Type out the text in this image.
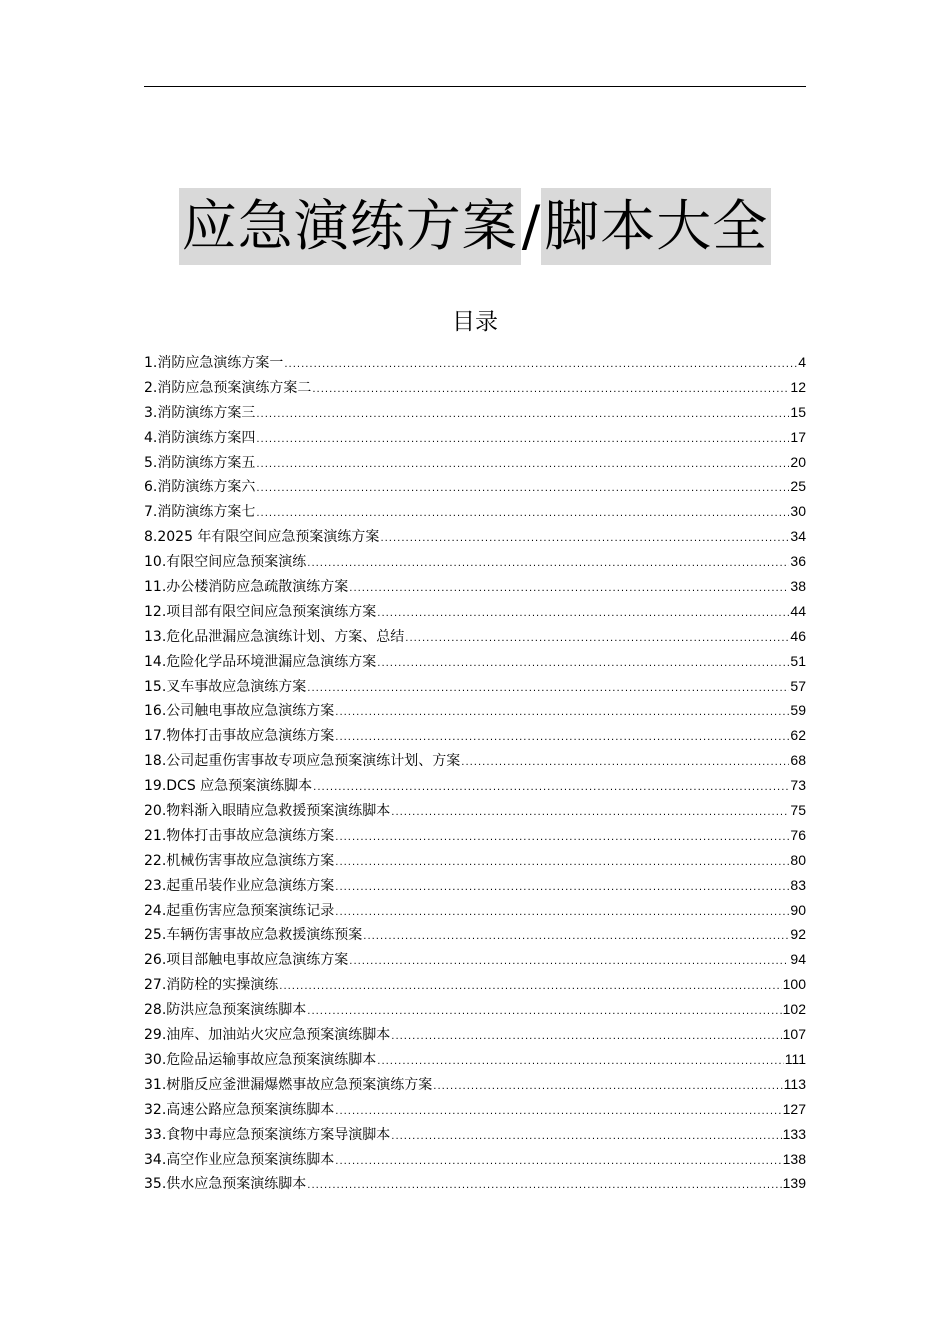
应急演练方案/脚本大全
目录
1.消防应急演练方案一 .....	4
2.消防应急预案演练方案二 .....	12
3.消防演练方案三 .....	15
4.消防演练方案四 .....	17
5.消防演练方案五 .....	20
6.消防演练方案六 .....	25
7.消防演练方案七 .....	30
8.2025 年有限空间应急预案演练方案 .....	34
10.有限空间应急预案演练 .....	36
11.办公楼消防应急疏散演练方案 .....	38
12.项目部有限空间应急预案演练方案 .....	44
13.危化品泄漏应急演练计划、方案、总结 .....	46
14.危险化学品环境泄漏应急演练方案 .....	51
15.叉车事故应急演练方案 .....	57
16.公司触电事故应急演练方案 .....	59
17.物体打击事故应急演练方案 .....	62
18.公司起重伤害事故专项应急预案演练计划、方案 .....	68
19.DCS 应急预案演练脚本 .....	73
20.物料渐入眼睛应急救援预案演练脚本 .....	75
21.物体打击事故应急演练方案 .....	76
22.机械伤害事故应急演练方案 .....	80
23.起重吊装作业应急演练方案 .....	83
24.起重伤害应急预案演练记录 .....	90
25.车辆伤害事故应急救援演练预案 .....	92
26.项目部触电事故应急演练方案 .....	94
27.消防栓的实操演练 .....	100
28.防洪应急预案演练脚本 .....	102
29.油库、加油站火灾应急预案演练脚本 .....	107
30.危险品运输事故应急预案演练脚本 .....	111
31.树脂反应釜泄漏爆燃事故应急预案演练方案 .....	113
32.高速公路应急预案演练脚本 .....	127
33.食物中毒应急预案演练方案导演脚本 .....	133
34.高空作业应急预案演练脚本 .....	138
35.供水应急预案演练脚本 .....	139
